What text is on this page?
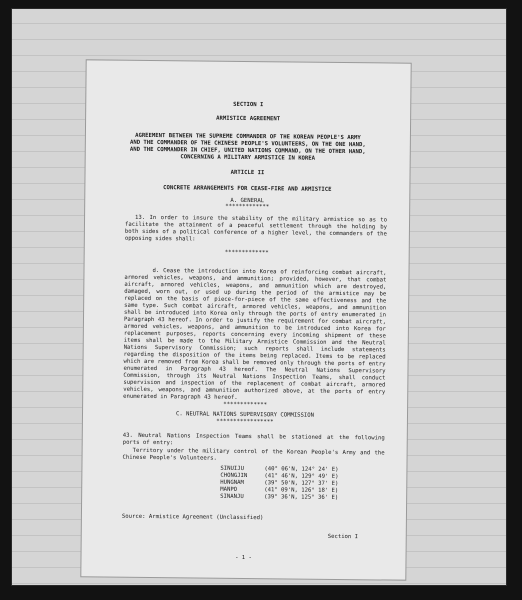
SECTION I
ARMISTICE AGREEMENT
AGREEMENT BETWEEN THE SUPREME COMMANDER OF THE KOREAN PEOPLE'S ARMY
AND THE COMMANDER OF THE CHINESE PEOPLE'S VOLUNTEERS, ON THE ONE HAND,
AND THE COMMANDER IN CHIEF, UNITED NATIONS COMMAND, ON THE OTHER HAND,
CONCERNING A MILITARY ARMISTICE IN KOREA
ARTICLE II
CONCRETE ARRANGEMENTS FOR CEASE-FIRE AND ARMISTICE
A. GENERAL
*************
13. In order to insure the stability of the military armistice so as to facilitate the attainment of a peaceful settlement through the holding by both sides of a political conference of a higher level, the commanders of the opposing sides shall:
*************
d. Cease the introduction into Korea of reinforcing combat aircraft, armored vehicles, weapons, and ammunition; provided, however, that combat aircraft, armored vehicles, weapons, and ammunition which are destroyed, damaged, worn out, or used up during the period of the armistice may be replaced on the basis of piece-for-piece of the same effectiveness and the same type. Such combat aircraft, armored vehicles, weapons, and ammunition shall be introduced into Korea only through the ports of entry enumerated in Paragraph 43 hereof. In order to justify the requirement for combat aircraft, armored vehicles, weapons, and ammunition to be introduced into Korea for replacement purposes, reports concerning every incoming shipment of these items shall be made to the Military Armistice Commission and the Neutral Nations Supervisory Commission; such reports shall include statements regarding the disposition of the items being replaced. Items to be replaced which are removed from Korea shall be removed only through the ports of entry enumerated in Paragraph 43 hereof. The Neutral Nations Supervisory Commission, through its Neutral Nations Inspection Teams, shall conduct supervision and inspection of the replacement of combat aircraft, armored vehicles, weapons, and ammunition authorized above, at the ports of entry enumerated in Paragraph 43 hereof.
*************
C. NEUTRAL NATIONS SUPERVISORY COMMISSION
*****************
43. Neutral Nations Inspection Teams shall be stationed at the following ports of entry:
Territory under the military control of the Korean People's Army and the Chinese People's Volunteers.
SINUIJU	(40° 06'N, 124° 24' E)
CHONGJIN	(41° 46'N, 129° 49' E)
HUNGNAM	(39° 50'N, 127° 37' E)
MANPO	(41° 09'N, 126° 18' E)
SINANJU	(39° 36'N, 125° 36' E)
Source: Armistice Agreement (Unclassified)
Section I
- 1 -
